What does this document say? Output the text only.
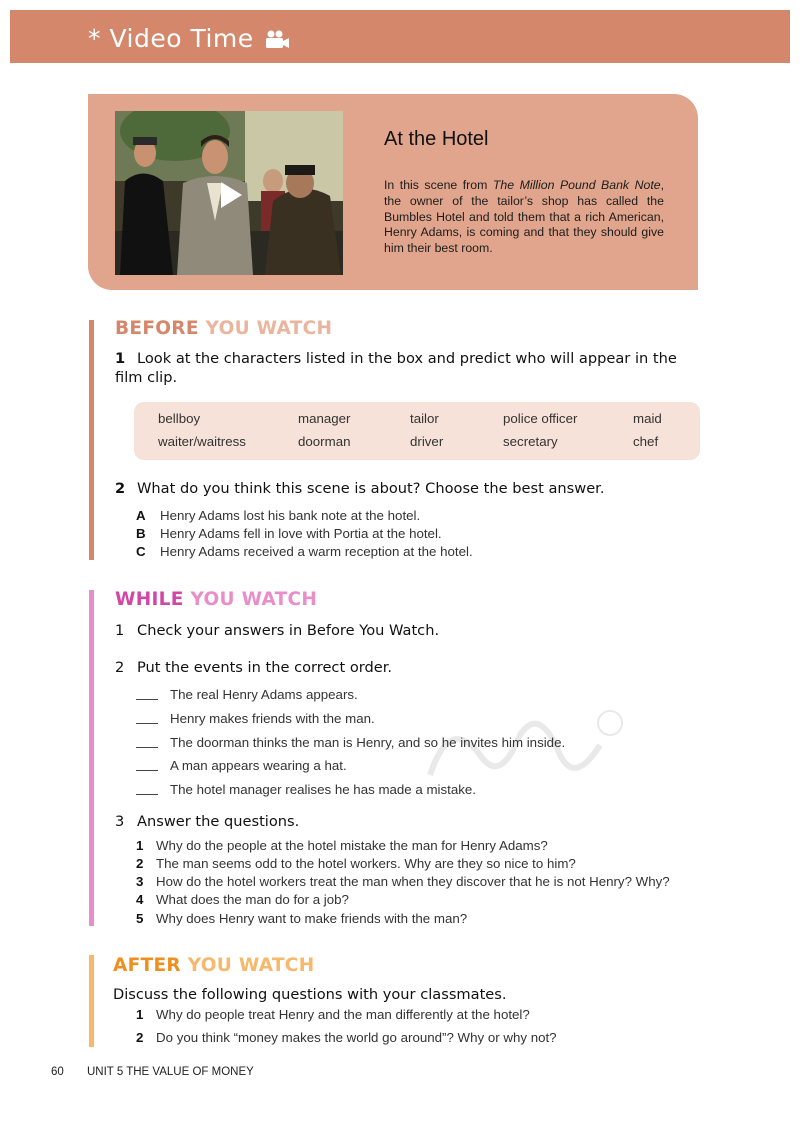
* Video Time
At the Hotel

In this scene from The Million Pound Bank Note, the owner of the tailor’s shop has called the Bumbles Hotel and told them that a rich American, Henry Adams, is coming and that they should give him their best room.

BEFORE YOU WATCH
1 Look at the characters listed in the box and predict who will appear in the film clip.
bellboy	manager	tailor	police officer	maid
waiter/waitress	doorman	driver	secretary	chef
2 What do you think this scene is about? Choose the best answer.
A	Henry Adams lost his bank note at the hotel.
B	Henry Adams fell in love with Portia at the hotel.
C	Henry Adams received a warm reception at the hotel.
WHILE YOU WATCH
1 Check your answers in Before You Watch.
2 Put the events in the correct order.
The real Henry Adams appears.
Henry makes friends with the man.
The doorman thinks the man is Henry, and so he invites him inside.
A man appears wearing a hat.
The hotel manager realises he has made a mistake.
3 Answer the questions.
1 Why do the people at the hotel mistake the man for Henry Adams?
2 The man seems odd to the hotel workers. Why are they so nice to him?
3 How do the hotel workers treat the man when they discover that he is not Henry? Why?
4 What does the man do for a job?
5 Why does Henry want to make friends with the man?
AFTER YOU WATCH
Discuss the following questions with your classmates.
1 Why do people treat Henry and the man differently at the hotel?
2 Do you think “money makes the world go around”? Why or why not?
60 UNIT 5 THE VALUE OF MONEY
